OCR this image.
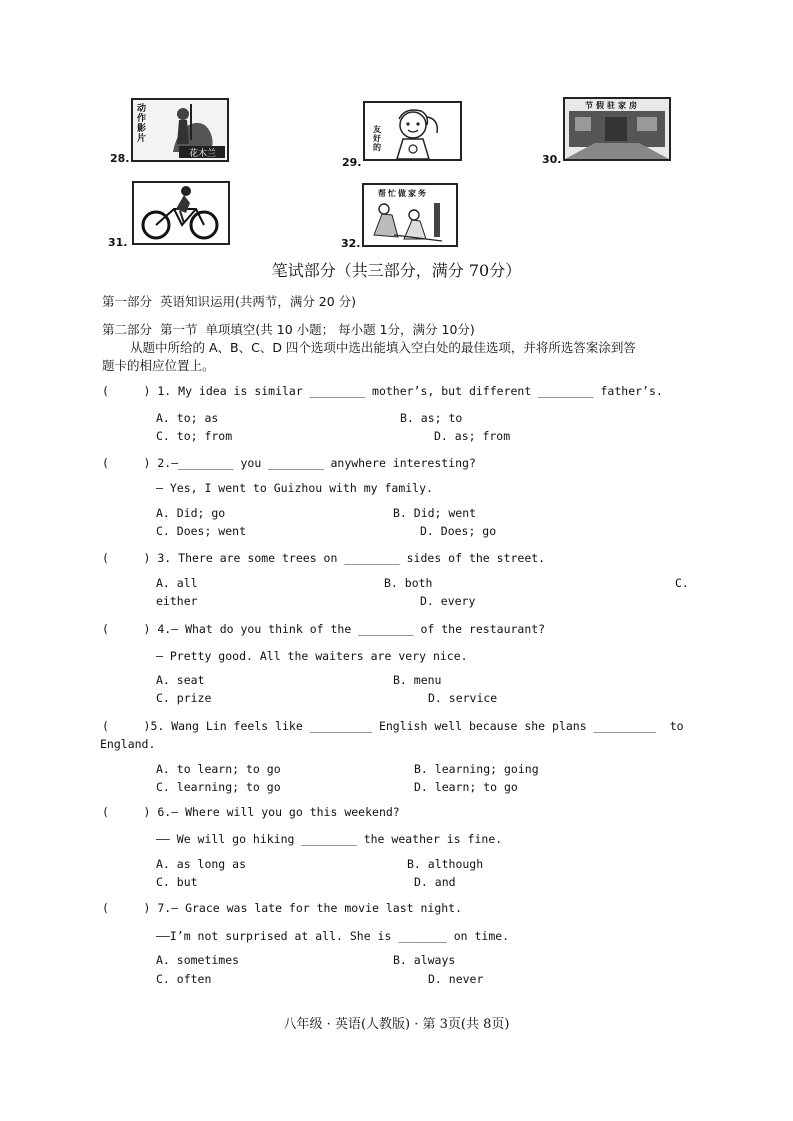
动作影片
花木兰
28.
友好的
29.
节假驻家房
30.
31.
帮忙做家务
32.
笔试部分（共三部分，满分 70分）
第一部分  英语知识运用(共两节，满分 20 分)
第二部分  第一节  单项填空(共 10 小题； 每小题 1分，满分 10分)
从题中所给的 A、B、C、D 四个选项中选出能填入空白处的最佳选项，并将所选答案涂到答
题卡的相应位置上。
(     ) 1. My idea is similar ________ mother’s, but different ________ father’s.
A. to; as	B. as; to
C. to; from	D. as; from
(     ) 2.—________ you ________ anywhere interesting?
— Yes, I went to Guizhou with my family.
A. Did; go	B. Did; went
C. Does; went	D. Does; go
(     ) 3. There are some trees on ________ sides of the street.
A. all	B. both	C.
either	D. every
(     ) 4.— What do you think of the ________ of the restaurant?
— Pretty good. All the waiters are very nice.
A. seat	B. menu
C. prize	D. service
(     )5. Wang Lin feels like _________ English well because she plans _________  to
England.
A. to learn; to go	B. learning; going
C. learning; to go	D. learn; to go
(     ) 6.— Where will you go this weekend?
—— We will go hiking ________ the weather is fine.
A. as long as	B. although
C. but	D. and
(     ) 7.— Grace was late for the movie last night.
——I’m not surprised at all. She is _______ on time.
A. sometimes	B. always
C. often	D. never
八年级 · 英语(人教版) · 第 3页(共 8页)
